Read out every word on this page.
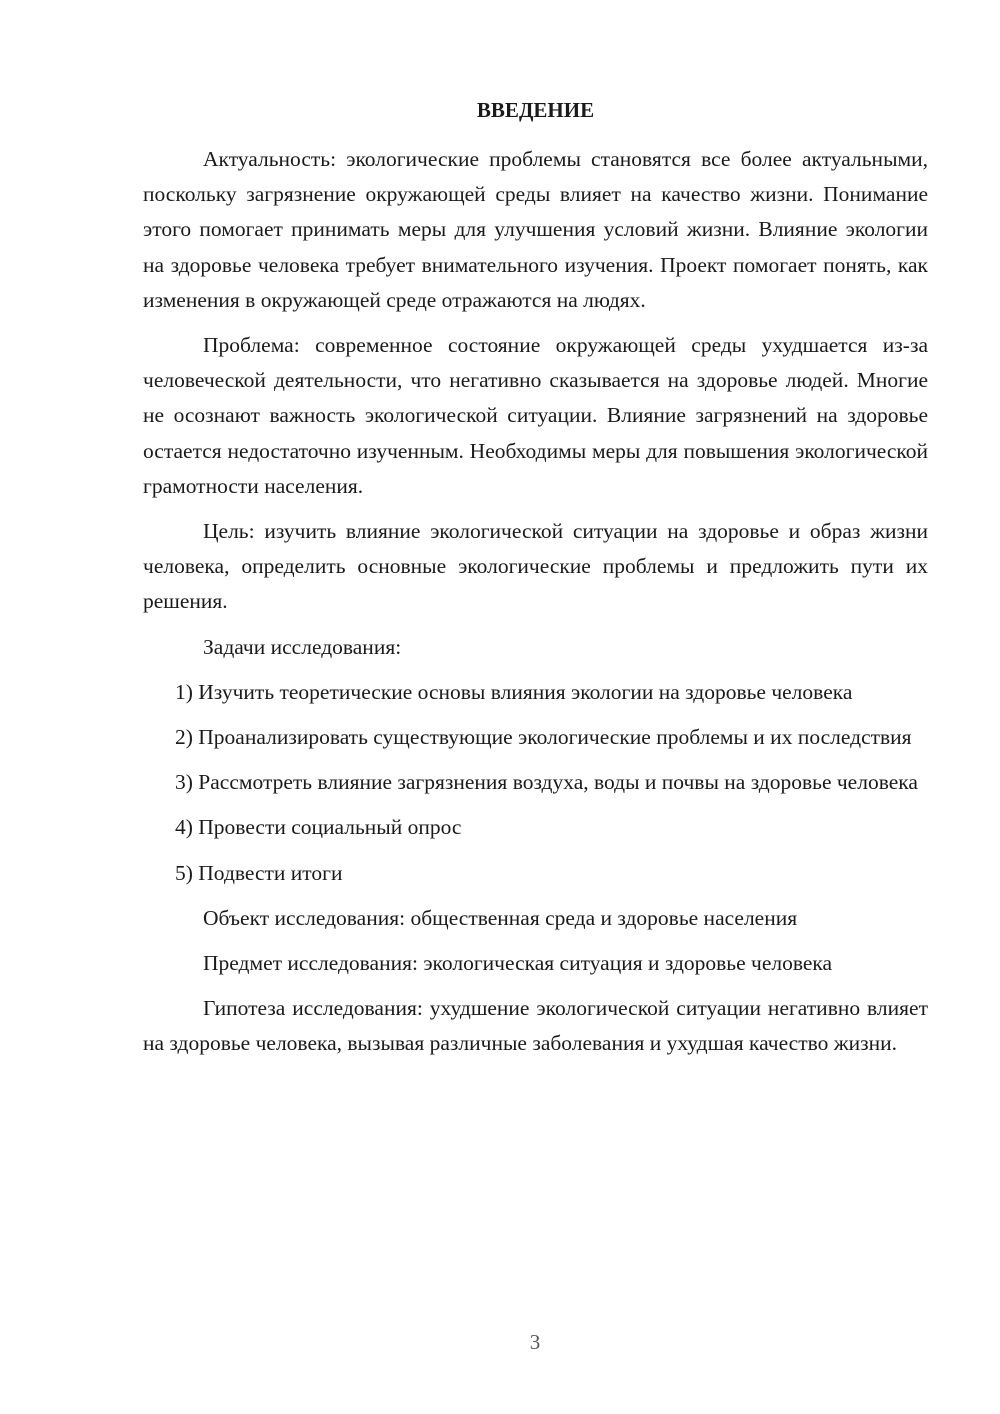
ВВЕДЕНИЕ

Актуальность: экологические проблемы становятся все более актуальными, поскольку загрязнение окружающей среды влияет на качество жизни. Понимание этого помогает принимать меры для улучшения условий жизни. Влияние экологии на здоровье человека требует внимательного изучения. Проект помогает понять, как изменения в окружающей среде отражаются на людях.

Проблема: современное состояние окружающей среды ухудшается из-за человеческой деятельности, что негативно сказывается на здоровье людей. Многие не осознают важность экологической ситуации. Влияние загрязнений на здоровье остается недостаточно изученным. Необходимы меры для повышения экологической грамотности населения.

Цель: изучить влияние экологической ситуации на здоровье и образ жизни человека, определить основные экологические проблемы и предложить пути их решения.

Задачи исследования:

1) Изучить теоретические основы влияния экологии на здоровье человека

2) Проанализировать существующие экологические проблемы и их последствия

3) Рассмотреть влияние загрязнения воздуха, воды и почвы на здоровье человека

4) Провести социальный опрос

5) Подвести итоги

Объект исследования: общественная среда и здоровье населения

Предмет исследования: экологическая ситуация и здоровье человека

Гипотеза исследования: ухудшение экологической ситуации негативно влияет на здоровье человека, вызывая различные заболевания и ухудшая качество жизни.

3
